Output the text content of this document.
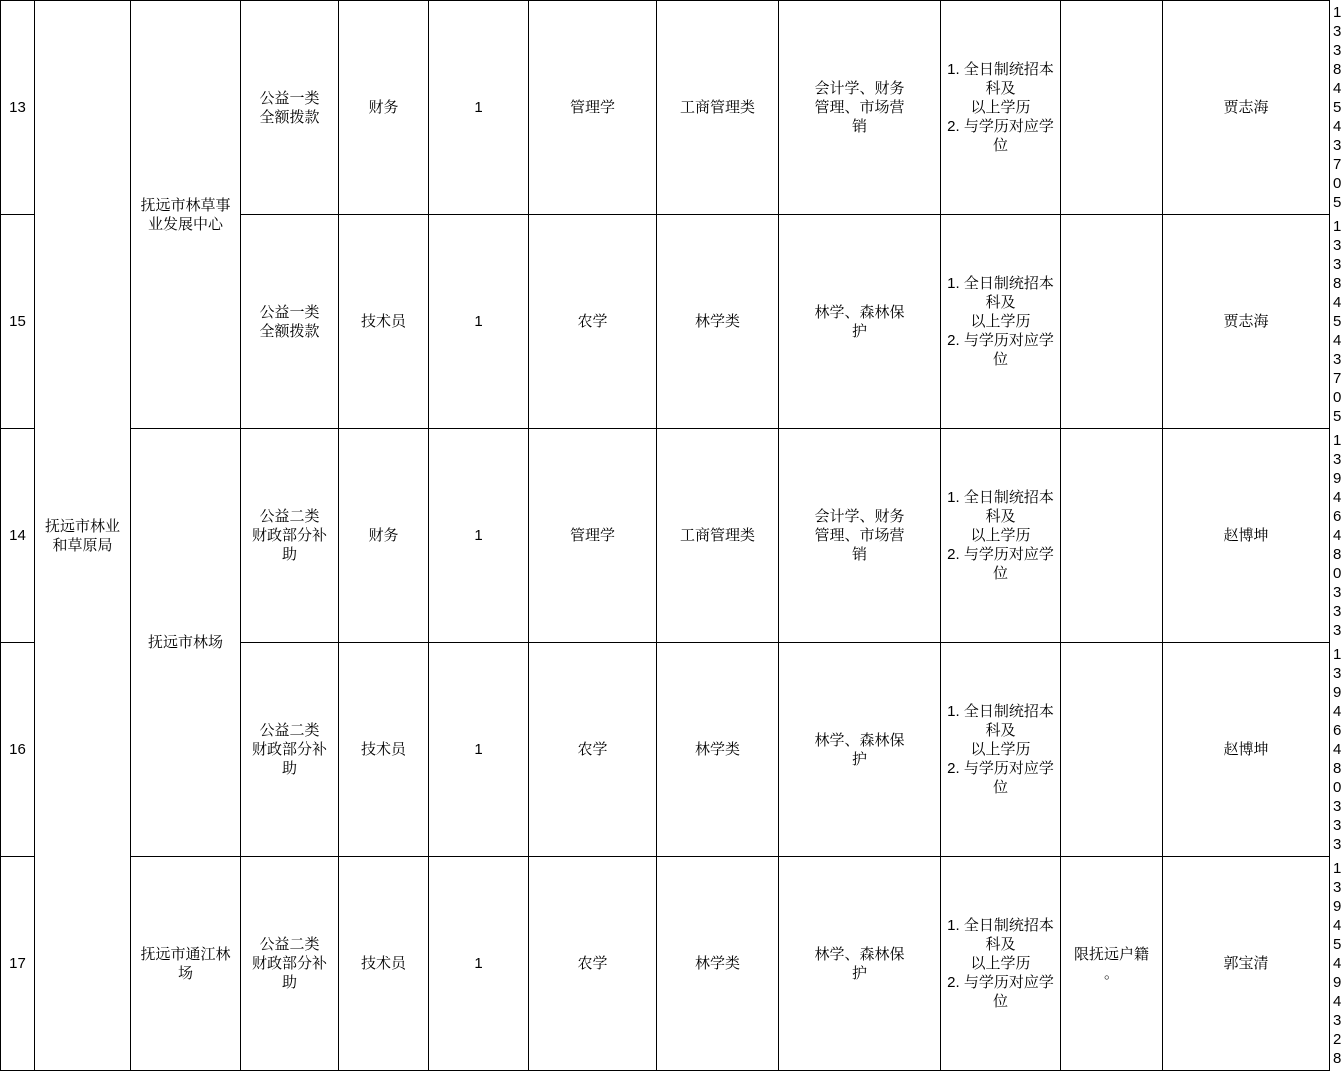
13	抚远市林业和草原局	抚远市林草事业发展中心	公益一类
全额拨款	财务	1	管理学	工商管理类	会计学、财务
管理、市场营
销	1. 全日制统招本科及
以上学历
2. 与学历对应学位		贾志海	13384543705
15			公益一类
全额拨款	技术员	1	农学	林学类	林学、森林保
护	1. 全日制统招本科及
以上学历
2. 与学历对应学位		贾志海	13384543705
14		抚远市林场	公益二类
财政部分补
助	财务	1	管理学	工商管理类	会计学、财务
管理、市场营
销	1. 全日制统招本科及
以上学历
2. 与学历对应学位		赵博坤	13946480333
16			公益二类
财政部分补
助	技术员	1	农学	林学类	林学、森林保
护	1. 全日制统招本科及
以上学历
2. 与学历对应学位		赵博坤	13946480333
17		抚远市通江林
场	公益二类
财政部分补
助	技术员	1	农学	林学类	林学、森林保
护	1. 全日制统招本科及
以上学历
2. 与学历对应学位	限抚远户籍
。	郭宝清	13945494328
